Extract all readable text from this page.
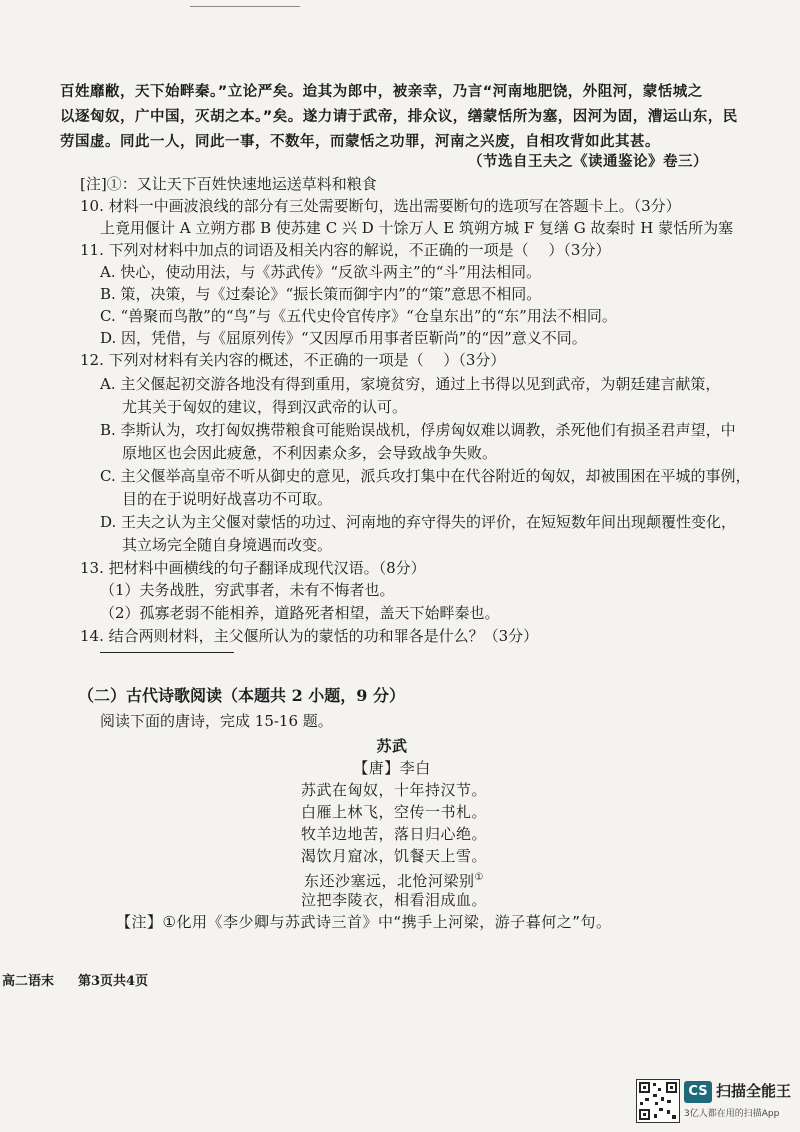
百姓靡敝，天下始畔秦。”立论严矣。迨其为郎中，被亲幸，乃言“河南地肥饶，外阻河，蒙恬城之
以逐匈奴，广中国，灭胡之本。”矣。遂力请于武帝，排众议，缮蒙恬所为塞，因河为固，漕运山东，民
劳国虚。同此一人，同此一事，不数年，而蒙恬之功罪，河南之兴废，自相攻背如此其甚。
（节选自王夫之《读通鉴论》卷三）
[注]①：又让天下百姓快速地运送草料和粮食
10. 材料一中画波浪线的部分有三处需要断句，选出需要断句的选项写在答题卡上。（3分）
上竟用偃计 A 立朔方郡 B 使苏建 C 兴 D 十馀万人 E 筑朔方城 F 复缮 G 故秦时 H 蒙恬所为塞
11. 下列对材料中加点的词语及相关内容的解说，不正确的一项是（　 ）（3分）
A. 快心，使动用法，与《苏武传》“反欲斗两主”的“斗”用法相同。
B. 策，决策，与《过秦论》“振长策而御宇内”的“策”意思不相同。
C. “兽聚而鸟散”的“鸟”与《五代史伶官传序》“仓皇东出”的“东”用法不相同。
D. 因，凭借，与《屈原列传》“又因厚币用事者臣靳尚”的“因”意义不同。
12. 下列对材料有关内容的概述，不正确的一项是（　 ）（3分）
A. 主父偃起初交游各地没有得到重用，家境贫穷，通过上书得以见到武帝，为朝廷建言献策，
尤其关于匈奴的建议，得到汉武帝的认可。
B. 李斯认为，攻打匈奴携带粮食可能贻误战机，俘虏匈奴难以调教，杀死他们有损圣君声望，中
原地区也会因此疲惫，不利因素众多，会导致战争失败。
C. 主父偃举高皇帝不听从御史的意见，派兵攻打集中在代谷附近的匈奴，却被围困在平城的事例，
目的在于说明好战喜功不可取。
D. 王夫之认为主父偃对蒙恬的功过、河南地的弃守得失的评价，在短短数年间出现颠覆性变化，
其立场完全随自身境遇而改变。
13. 把材料中画横线的句子翻译成现代汉语。（8分）
（1）夫务战胜，穷武事者，未有不悔者也。
（2）孤寡老弱不能相养，道路死者相望，盖天下始畔秦也。
14. 结合两则材料，主父偃所认为的蒙恬的功和罪各是什么？（3分）
（二）古代诗歌阅读（本题共 2 小题，9 分）
阅读下面的唐诗，完成 15-16 题。
苏武
【唐】李白
苏武在匈奴，十年持汉节。
白雁上林飞，空传一书札。
牧羊边地苦，落日归心绝。
渴饮月窟冰，饥餐天上雪。
东还沙塞远，北怆河梁别①
泣把李陵衣，相看泪成血。
【注】①化用《李少卿与苏武诗三首》中“携手上河梁，游子暮何之”句。
高二语末 第3页共4页
CS 扫描全能王
3亿人都在用的扫描App
